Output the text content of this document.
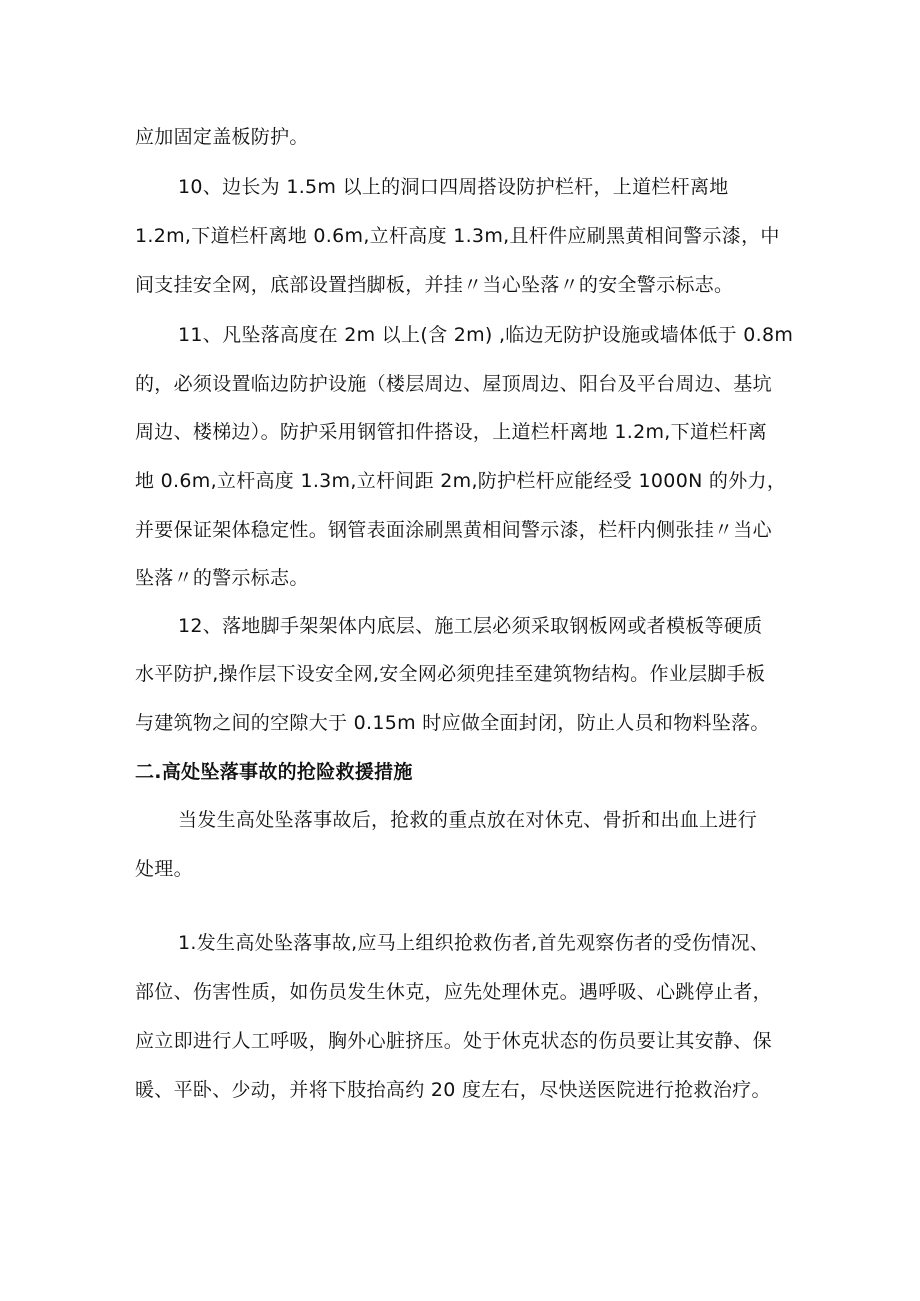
应加固定盖板防护。
10、边长为 1.5m 以上的洞口四周搭设防护栏杆，上道栏杆离地
1.2m,下道栏杆离地 0.6m,立杆高度 1.3m,且杆件应刷黑黄相间警示漆，中
间支挂安全网，底部设置挡脚板，并挂〃当心坠落〃的安全警示标志。
11、凡坠落高度在 2m 以上(含 2m) ,临边无防护设施或墙体低于 0.8m
的，必须设置临边防护设施（楼层周边、屋顶周边、阳台及平台周边、基坑
周边、楼梯边）。防护采用钢管扣件搭设，上道栏杆离地 1.2m,下道栏杆离
地 0.6m,立杆高度 1.3m,立杆间距 2m,防护栏杆应能经受 1000N 的外力，
并要保证架体稳定性。钢管表面涂刷黑黄相间警示漆，栏杆内侧张挂〃当心
坠落〃的警示标志。
12、落地脚手架架体内底层、施工层必须采取钢板网或者模板等硬质
水平防护,操作层下设安全网,安全网必须兜挂至建筑物结构。作业层脚手板
与建筑物之间的空隙大于 0.15m 时应做全面封闭，防止人员和物料坠落。
二.高处坠落事故的抢险救援措施
当发生高处坠落事故后，抢救的重点放在对休克、骨折和出血上进行
处理。
1.发生高处坠落事故,应马上组织抢救伤者,首先观察伤者的受伤情况、
部位、伤害性质，如伤员发生休克，应先处理休克。遇呼吸、心跳停止者，
应立即进行人工呼吸，胸外心脏挤压。处于休克状态的伤员要让其安静、保
暖、平卧、少动，并将下肢抬高约 20 度左右，尽快送医院进行抢救治疗。
